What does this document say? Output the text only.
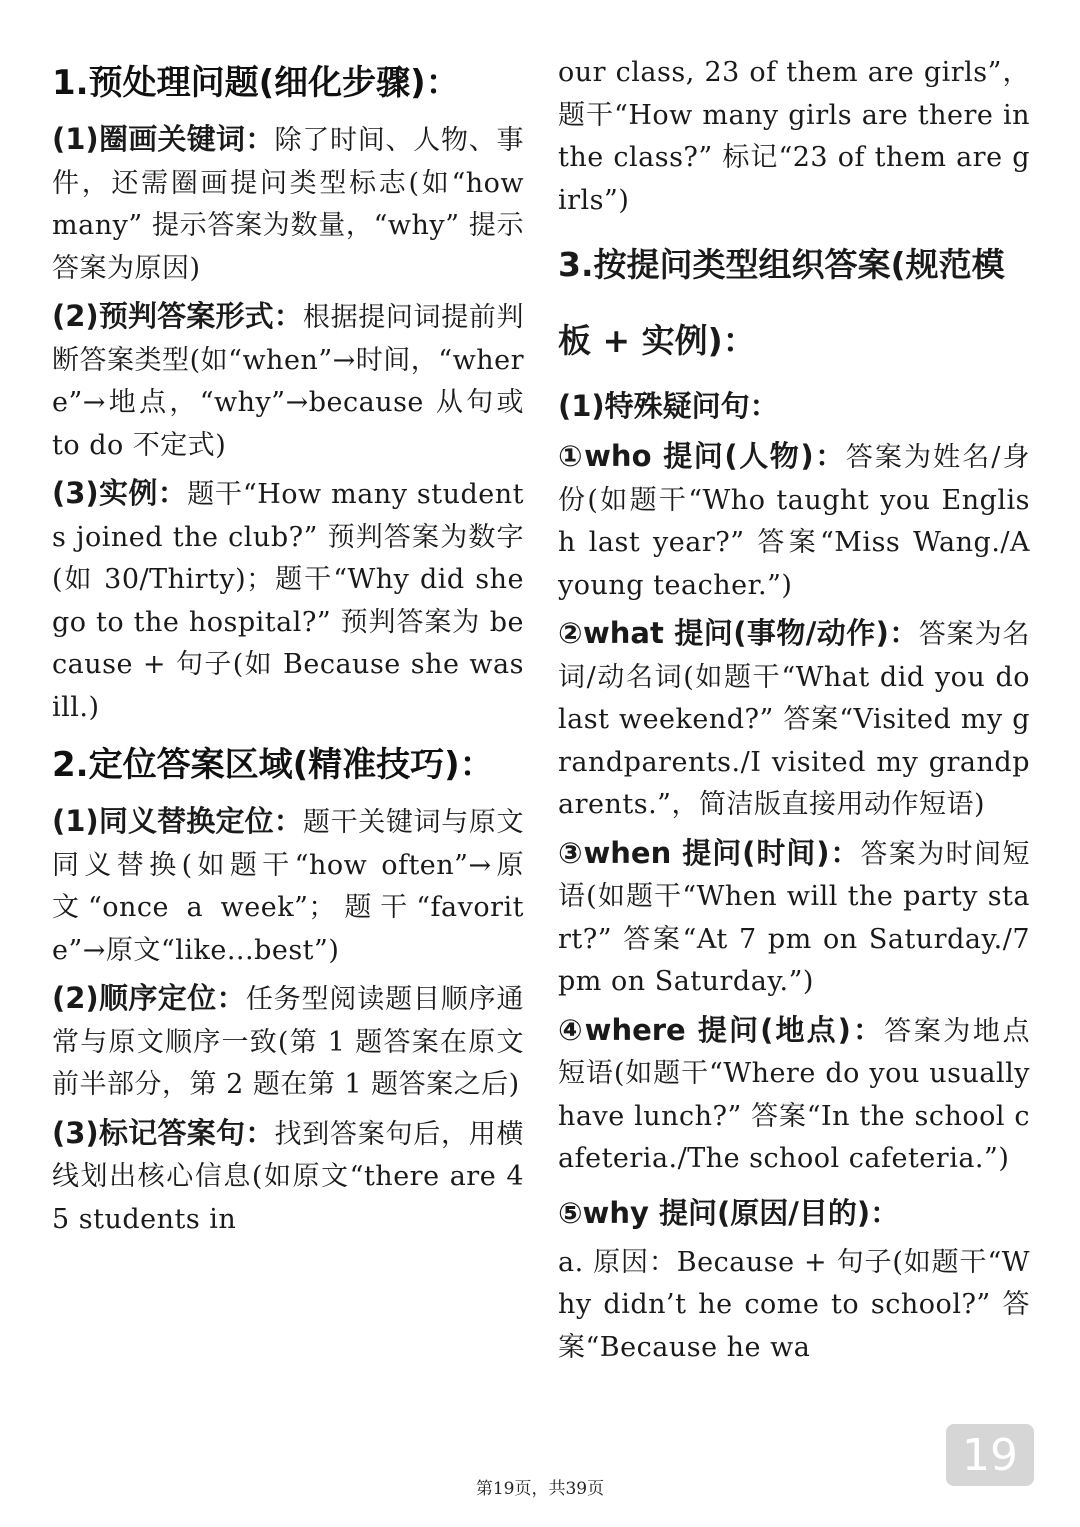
1.预处理问题(细化步骤)：

(1)圈画关键词：除了时间、人物、事件，还需圈画提问类型标志(如“how many” 提示答案为数量，“why” 提示答案为原因)

(2)预判答案形式：根据提问词提前判断答案类型(如“when”→时间，“where”→地点，“why”→because 从句或 to do 不定式)

(3)实例：题干“How many students joined the club?” 预判答案为数字(如 30/Thirty)；题干“Why did she go to the hospital?” 预判答案为 because + 句子(如 Because she was ill.)

2.定位答案区域(精准技巧)：

(1)同义替换定位：题干关键词与原文同义替换(如题干“how often”→原文“once a week”；题干“favorite”→原文“like...best”)

(2)顺序定位：任务型阅读题目顺序通常与原文顺序一致(第 1 题答案在原文前半部分，第 2 题在第 1 题答案之后)

(3)标记答案句：找到答案句后，用横线划出核心信息(如原文“there are 45 students in

our class, 23 of them are girls”，题干“How many girls are there in the class?” 标记“23 of them are girls”)

3.按提问类型组织答案(规范模板 + 实例)：
(1)特殊疑问句：

①who 提问(人物)：答案为姓名/身份(如题干“Who taught you English last year?” 答案“Miss Wang./A young teacher.”)

②what 提问(事物/动作)：答案为名词/动名词(如题干“What did you do last weekend?” 答案“Visited my grandparents./I visited my grandparents.”，简洁版直接用动作短语)

③when 提问(时间)：答案为时间短语(如题干“When will the party start?” 答案“At 7 pm on Saturday./7 pm on Saturday.”)

④where 提问(地点)：答案为地点短语(如题干“Where do you usually have lunch?” 答案“In the school cafeteria./The school cafeteria.”)

⑤why 提问(原因/目的)：

a. 原因：Because + 句子(如题干“Why didn’t he come to school?” 答案“Because he wa

19
第19页，共39页
